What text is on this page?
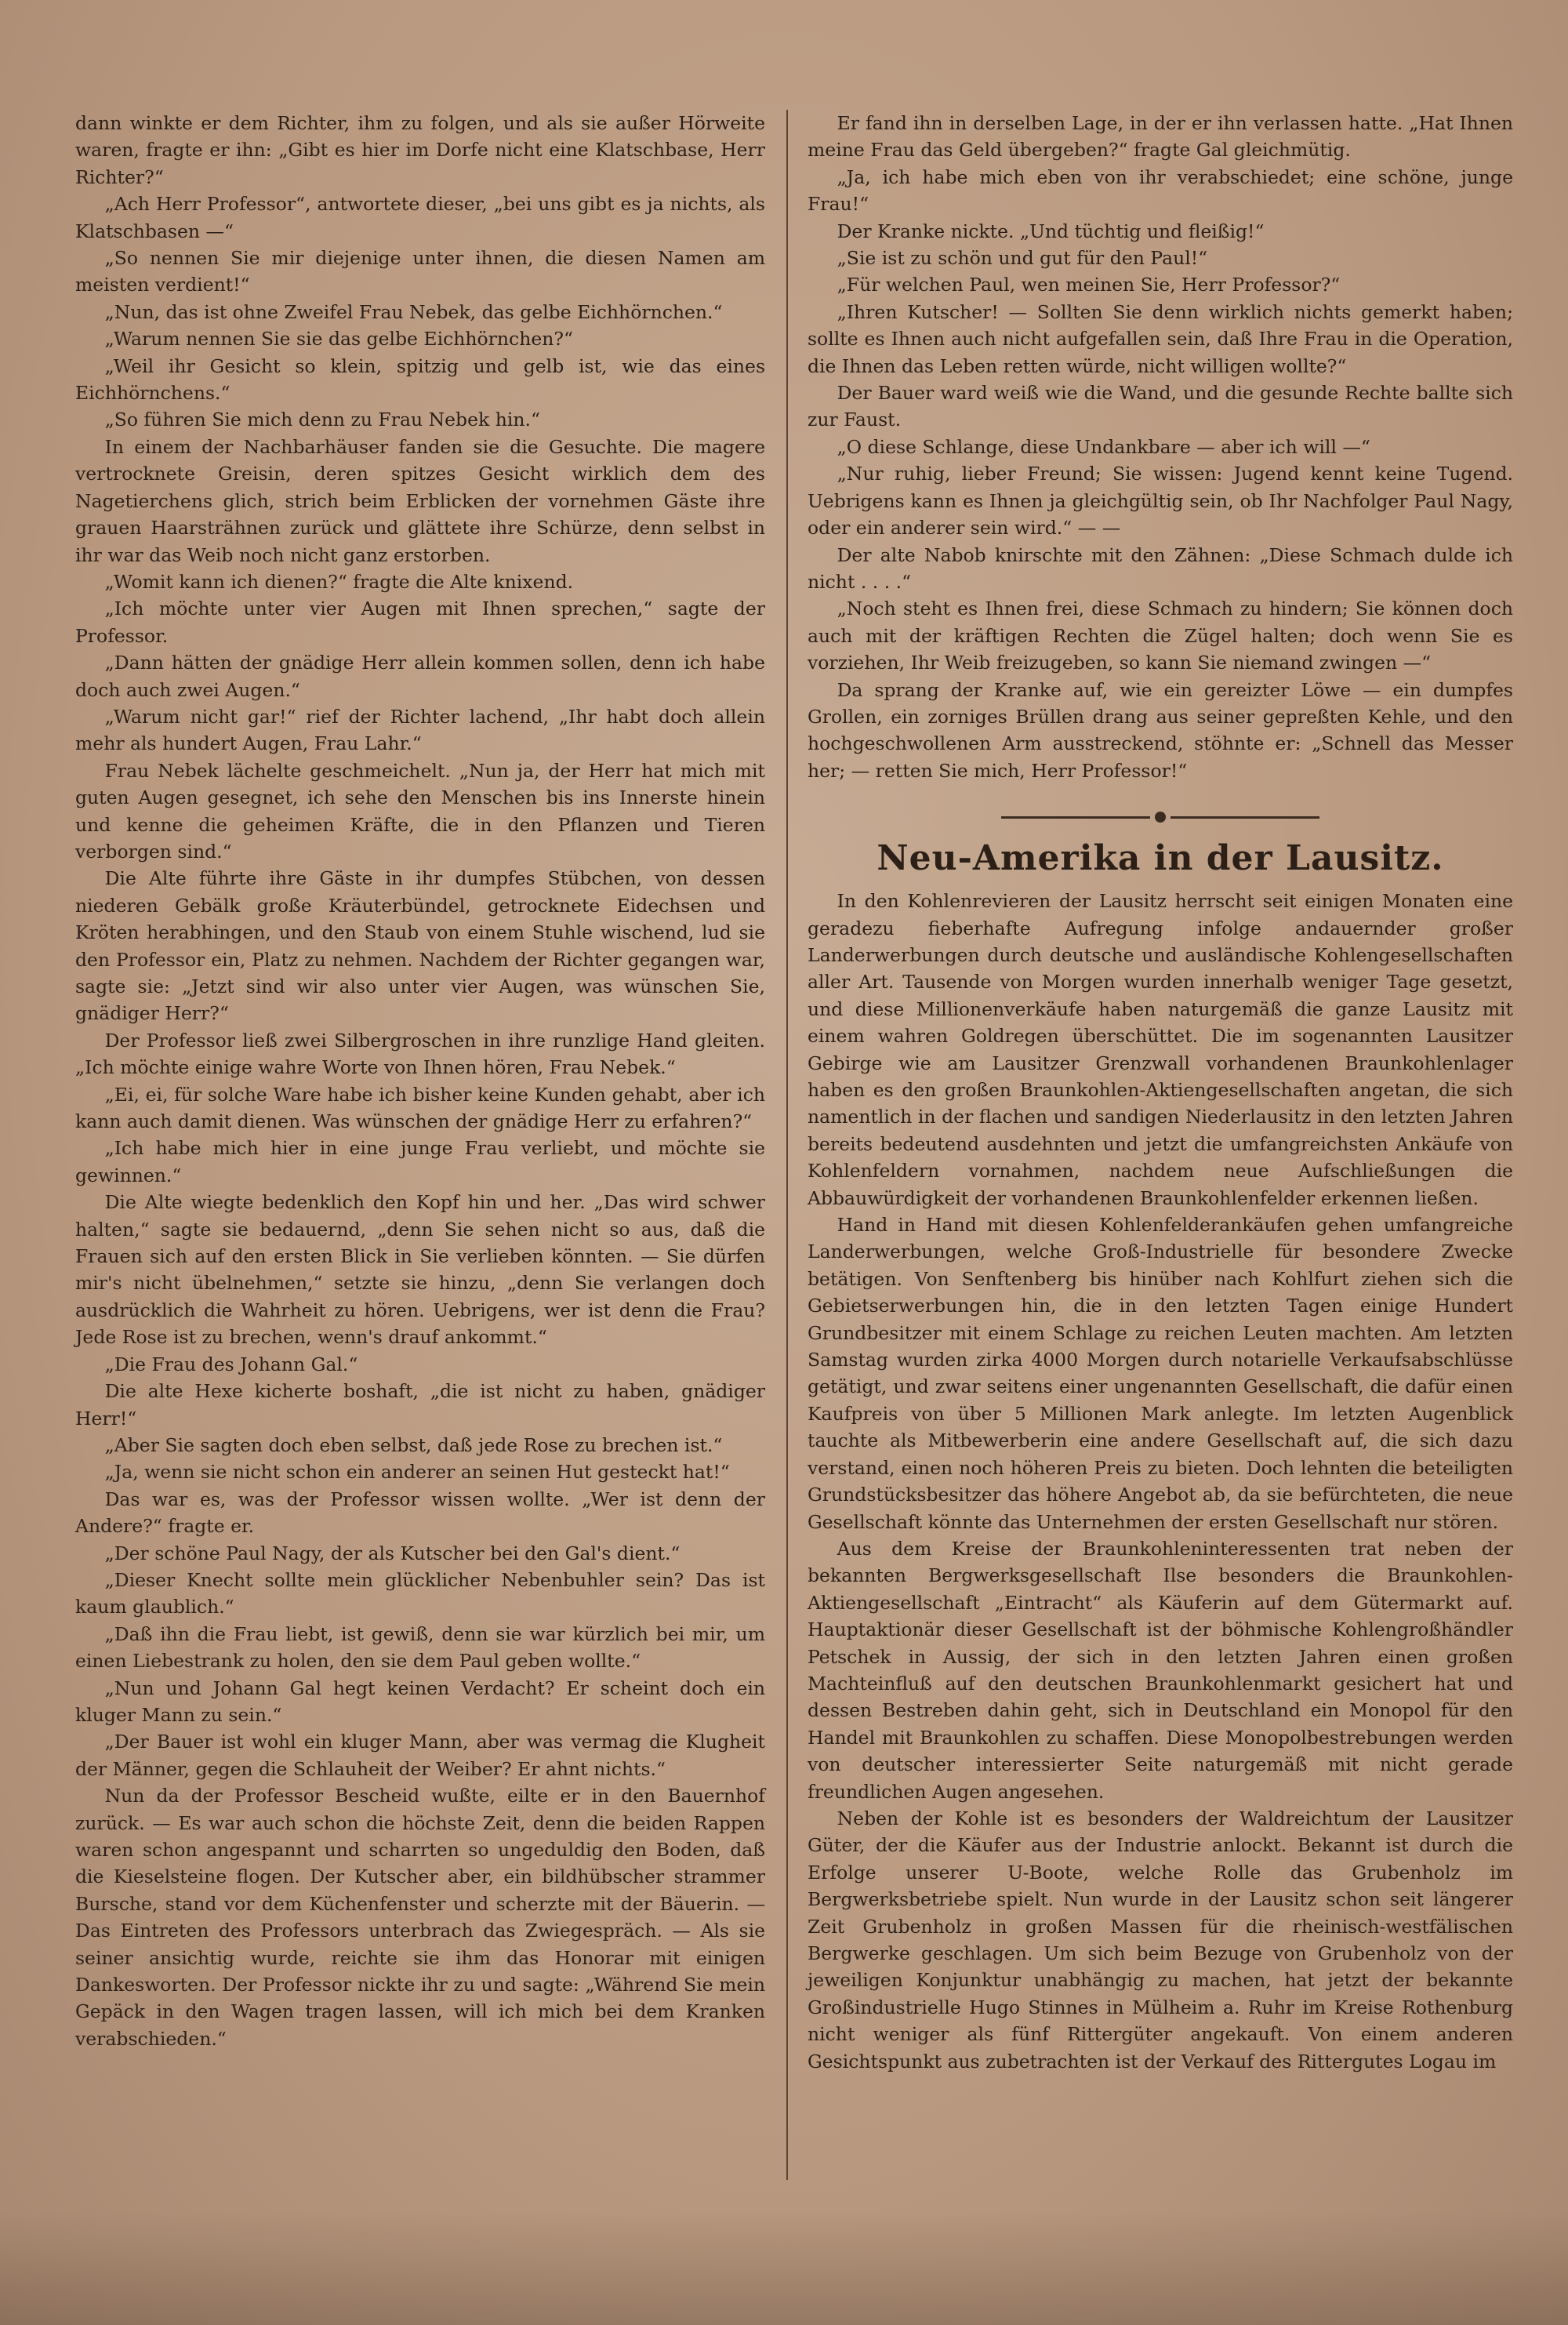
dann winkte er dem Richter, ihm zu folgen, und als sie außer Hörweite waren, fragte er ihn: „Gibt es hier im Dorfe nicht eine Klatschbase, Herr Richter?“

„Ach Herr Professor“, antwortete dieser, „bei uns gibt es ja nichts, als Klatschbasen —“

„So nennen Sie mir diejenige unter ihnen, die diesen Namen am meisten verdient!“

„Nun, das ist ohne Zweifel Frau Nebek, das gelbe Eichhörnchen.“

„Warum nennen Sie sie das gelbe Eichhörnchen?“

„Weil ihr Gesicht so klein, spitzig und gelb ist, wie das eines Eichhörnchens.“

„So führen Sie mich denn zu Frau Nebek hin.“

In einem der Nachbarhäuser fanden sie die Gesuchte. Die magere vertrocknete Greisin, deren spitzes Gesicht wirklich dem des Nagetierchens glich, strich beim Erblicken der vornehmen Gäste ihre grauen Haarsträhnen zurück und glättete ihre Schürze, denn selbst in ihr war das Weib noch nicht ganz erstorben.

„Womit kann ich dienen?“ fragte die Alte knixend.

„Ich möchte unter vier Augen mit Ihnen sprechen,“ sagte der Professor.

„Dann hätten der gnädige Herr allein kommen sollen, denn ich habe doch auch zwei Augen.“

„Warum nicht gar!“ rief der Richter lachend, „Ihr habt doch allein mehr als hundert Augen, Frau Lahr.“

Frau Nebek lächelte geschmeichelt. „Nun ja, der Herr hat mich mit guten Augen gesegnet, ich sehe den Menschen bis ins Innerste hinein und kenne die geheimen Kräfte, die in den Pflanzen und Tieren verborgen sind.“

Die Alte führte ihre Gäste in ihr dumpfes Stübchen, von dessen niederen Gebälk große Kräuterbündel, getrocknete Eidechsen und Kröten herabhingen, und den Staub von einem Stuhle wischend, lud sie den Professor ein, Platz zu nehmen. Nachdem der Richter gegangen war, sagte sie: „Jetzt sind wir also unter vier Augen, was wünschen Sie, gnädiger Herr?“

Der Professor ließ zwei Silbergroschen in ihre runzlige Hand gleiten. „Ich möchte einige wahre Worte von Ihnen hören, Frau Nebek.“

„Ei, ei, für solche Ware habe ich bisher keine Kunden gehabt, aber ich kann auch damit dienen. Was wünschen der gnädige Herr zu erfahren?“

„Ich habe mich hier in eine junge Frau verliebt, und möchte sie gewinnen.“

Die Alte wiegte bedenklich den Kopf hin und her. „Das wird schwer halten,“ sagte sie bedauernd, „denn Sie sehen nicht so aus, daß die Frauen sich auf den ersten Blick in Sie verlieben könnten. — Sie dürfen mir's nicht übelnehmen,“ setzte sie hinzu, „denn Sie verlangen doch ausdrücklich die Wahrheit zu hören. Uebrigens, wer ist denn die Frau? Jede Rose ist zu brechen, wenn's drauf ankommt.“

„Die Frau des Johann Gal.“

Die alte Hexe kicherte boshaft, „die ist nicht zu haben, gnädiger Herr!“

„Aber Sie sagten doch eben selbst, daß jede Rose zu brechen ist.“

„Ja, wenn sie nicht schon ein anderer an seinen Hut gesteckt hat!“

Das war es, was der Professor wissen wollte. „Wer ist denn der Andere?“ fragte er.

„Der schöne Paul Nagy, der als Kutscher bei den Gal's dient.“

„Dieser Knecht sollte mein glücklicher Nebenbuhler sein? Das ist kaum glaublich.“

„Daß ihn die Frau liebt, ist gewiß, denn sie war kürzlich bei mir, um einen Liebestrank zu holen, den sie dem Paul geben wollte.“

„Nun und Johann Gal hegt keinen Verdacht? Er scheint doch ein kluger Mann zu sein.“

„Der Bauer ist wohl ein kluger Mann, aber was vermag die Klugheit der Männer, gegen die Schlauheit der Weiber? Er ahnt nichts.“

Nun da der Professor Bescheid wußte, eilte er in den Bauernhof zurück. — Es war auch schon die höchste Zeit, denn die beiden Rappen waren schon angespannt und scharrten so ungeduldig den Boden, daß die Kieselsteine flogen. Der Kutscher aber, ein bildhübscher strammer Bursche, stand vor dem Küchenfenster und scherzte mit der Bäuerin. — Das Eintreten des Professors unterbrach das Zwiegespräch. — Als sie seiner ansichtig wurde, reichte sie ihm das Honorar mit einigen Dankesworten. Der Professor nickte ihr zu und sagte: „Während Sie mein Gepäck in den Wagen tragen lassen, will ich mich bei dem Kranken verabschieden.“

Er fand ihn in derselben Lage, in der er ihn verlassen hatte. „Hat Ihnen meine Frau das Geld übergeben?“ fragte Gal gleichmütig.

„Ja, ich habe mich eben von ihr verabschiedet; eine schöne, junge Frau!“

Der Kranke nickte. „Und tüchtig und fleißig!“

„Sie ist zu schön und gut für den Paul!“

„Für welchen Paul, wen meinen Sie, Herr Professor?“

„Ihren Kutscher! — Sollten Sie denn wirklich nichts gemerkt haben; sollte es Ihnen auch nicht aufgefallen sein, daß Ihre Frau in die Operation, die Ihnen das Leben retten würde, nicht willigen wollte?“

Der Bauer ward weiß wie die Wand, und die gesunde Rechte ballte sich zur Faust.

„O diese Schlange, diese Undankbare — aber ich will —“

„Nur ruhig, lieber Freund; Sie wissen: Jugend kennt keine Tugend. Uebrigens kann es Ihnen ja gleichgültig sein, ob Ihr Nachfolger Paul Nagy, oder ein anderer sein wird.“ — —

Der alte Nabob knirschte mit den Zähnen: „Diese Schmach dulde ich nicht . . . .“

„Noch steht es Ihnen frei, diese Schmach zu hindern; Sie können doch auch mit der kräftigen Rechten die Zügel halten; doch wenn Sie es vorziehen, Ihr Weib freizugeben, so kann Sie niemand zwingen —“

Da sprang der Kranke auf, wie ein gereizter Löwe — ein dumpfes Grollen, ein zorniges Brüllen drang aus seiner gepreßten Kehle, und den hochgeschwollenen Arm ausstreckend, stöhnte er: „Schnell das Messer her; — retten Sie mich, Herr Professor!“

Neu-Amerika in der Lausitz.

In den Kohlenrevieren der Lausitz herrscht seit einigen Monaten eine geradezu fieberhafte Aufregung infolge andauernder großer Landerwerbungen durch deutsche und ausländische Kohlengesellschaften aller Art. Tausende von Morgen wurden innerhalb weniger Tage gesetzt, und diese Millionenverkäufe haben naturgemäß die ganze Lausitz mit einem wahren Goldregen überschüttet. Die im sogenannten Lausitzer Gebirge wie am Lausitzer Grenzwall vorhandenen Braunkohlenlager haben es den großen Braunkohlen-Aktiengesellschaften angetan, die sich namentlich in der flachen und sandigen Niederlausitz in den letzten Jahren bereits bedeutend ausdehnten und jetzt die umfangreichsten Ankäufe von Kohlenfeldern vornahmen, nachdem neue Aufschließungen die Abbauwürdigkeit der vorhandenen Braunkohlenfelder erkennen ließen.

Hand in Hand mit diesen Kohlenfelderankäufen gehen umfangreiche Landerwerbungen, welche Groß-Industrielle für besondere Zwecke betätigen. Von Senftenberg bis hinüber nach Kohlfurt ziehen sich die Gebietserwerbungen hin, die in den letzten Tagen einige Hundert Grundbesitzer mit einem Schlage zu reichen Leuten machten. Am letzten Samstag wurden zirka 4000 Morgen durch notarielle Verkaufsabschlüsse getätigt, und zwar seitens einer ungenannten Gesellschaft, die dafür einen Kaufpreis von über 5 Millionen Mark anlegte. Im letzten Augenblick tauchte als Mitbewerberin eine andere Gesellschaft auf, die sich dazu verstand, einen noch höheren Preis zu bieten. Doch lehnten die beteiligten Grundstücksbesitzer das höhere Angebot ab, da sie befürchteten, die neue Gesellschaft könnte das Unternehmen der ersten Gesellschaft nur stören.

Aus dem Kreise der Braunkohleninteressenten trat neben der bekannten Bergwerksgesellschaft Ilse besonders die Braunkohlen-Aktiengesellschaft „Eintracht“ als Käuferin auf dem Gütermarkt auf. Hauptaktionär dieser Gesellschaft ist der böhmische Kohlengroßhändler Petschek in Aussig, der sich in den letzten Jahren einen großen Machteinfluß auf den deutschen Braunkohlenmarkt gesichert hat und dessen Bestreben dahin geht, sich in Deutschland ein Monopol für den Handel mit Braunkohlen zu schaffen. Diese Monopolbestrebungen werden von deutscher interessierter Seite naturgemäß mit nicht gerade freundlichen Augen angesehen.

Neben der Kohle ist es besonders der Waldreichtum der Lausitzer Güter, der die Käufer aus der Industrie anlockt. Bekannt ist durch die Erfolge unserer U-Boote, welche Rolle das Grubenholz im Bergwerksbetriebe spielt. Nun wurde in der Lausitz schon seit längerer Zeit Grubenholz in großen Massen für die rheinisch-westfälischen Bergwerke geschlagen. Um sich beim Bezuge von Grubenholz von der jeweiligen Konjunktur unabhängig zu machen, hat jetzt der bekannte Großindustrielle Hugo Stinnes in Mülheim a. Ruhr im Kreise Rothenburg nicht weniger als fünf Rittergüter angekauft. Von einem anderen Gesichtspunkt aus zubetrachten ist der Verkauf des Rittergutes Logau im
